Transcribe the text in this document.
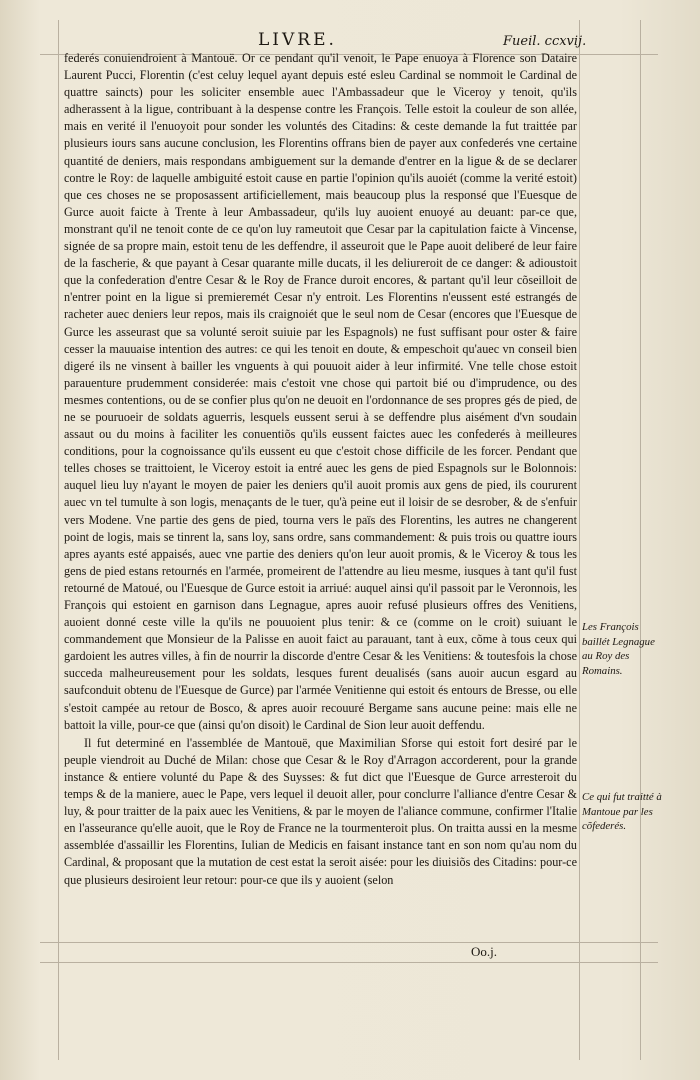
LIVRE.	Fueil. ccxvij.

federés conuiendroient à Mantouë. Or ce pendant qu'il venoit, le Pape enuoya à Florence son Dataire Laurent Pucci, Florentin (c'est celuy lequel ayant depuis esté esleu Cardinal se nommoit le Cardinal de quattre saincts) pour les soliciter ensemble auec l'Ambassadeur que le Viceroy y tenoit, qu'ils adherassent à la ligue, contribuant à la despense contre les François. Telle estoit la couleur de son allée, mais en verité il l'enuoyoit pour sonder les voluntés des Citadins: & ceste demande la fut traittée par plusieurs iours sans aucune conclusion, les Florentins offrans bien de payer aux confederés vne certaine quantité de deniers, mais respondans ambiguement sur la demande d'entrer en la ligue & de se declarer contre le Roy: de laquelle ambiguité estoit cause en partie l'opinion qu'ils auoiét (comme la verité estoit) que ces choses ne se proposassent artificiellement, mais beaucoup plus la responsé que l'Euesque de Gurce auoit faicte à Trente à leur Ambassadeur, qu'ils luy auoient enuoyé au deuant: par-ce que, monstrant qu'il ne tenoit conte de ce qu'on luy rameutoit que Cesar par la capitulation faicte à Vincense, signée de sa propre main, estoit tenu de les deffendre, il asseuroit que le Pape auoit deliberé de leur faire de la fascherie, & que payant à Cesar quarante mille ducats, il les deliureroit de ce danger: & adioustoit que la confederation d'entre Cesar & le Roy de France duroit encores, & partant qu'il leur cõseilloit de n'entrer point en la ligue si premieremét Cesar n'y entroit. Les Florentins n'eussent esté estrangés de racheter auec deniers leur repos, mais ils craignoiét que le seul nom de Cesar (encores que l'Euesque de Gurce les asseurast que sa volunté seroit suiuie par les Espagnols) ne fust suffisant pour oster & faire cesser la mauuaise intention des autres: ce qui les tenoit en doute, & empeschoit qu'auec vn conseil bien digeré ils ne vinsent à bailler les vnguents à qui pouuoit aider à leur infirmité. Vne telle chose estoit parauenture prudemment considerée: mais c'estoit vne chose qui partoit bié ou d'imprudence, ou des mesmes contentions, ou de se confier plus qu'on ne deuoit en l'ordonnance de ses propres gés de pied, de ne se pouruoeir de soldats aguerris, lesquels eussent serui à se deffendre plus aisément d'vn soudain assaut ou du moins à faciliter les conuentiõs qu'ils eussent faictes auec les confederés à meilleures conditions, pour la cognoissance qu'ils eussent eu que c'estoit chose difficile de les forcer. Pendant que telles choses se traittoient, le Viceroy estoit ia entré auec les gens de pied Espagnols sur le Bolonnois: auquel lieu luy n'ayant le moyen de paier les deniers qu'il auoit promis aux gens de pied, ils coururent auec vn tel tumulte à son logis, menaçants de le tuer, qu'à peine eut il loisir de se desrober, & de s'enfuir vers Modene. Vne partie des gens de pied, tourna vers le païs des Florentins, les autres ne changerent point de logis, mais se tinrent la, sans loy, sans ordre, sans commandement: & puis trois ou quattre iours apres ayants esté appaisés, auec vne partie des deniers qu'on leur auoit promis, & le Viceroy & tous les gens de pied estans retournés en l'armée, promeirent de l'attendre au lieu mesme, iusques à tant qu'il fust retourné de Matoué, ou l'Euesque de Gurce estoit ia arriué: auquel ainsi qu'il passoit par le Veronnois, les François qui estoient en garnison dans Legnague, apres auoir refusé plusieurs offres des Venitiens, auoient donné ceste ville la qu'ils ne pouuoient plus tenir: & ce (comme on le croit) suiuant le commandement que Monsieur de la Palisse en auoit faict au parauant, tant à eux, cõme à tous ceux qui gardoient les autres villes, à fin de nourrir la discorde d'entre Cesar & les Venitiens: & toutesfois la chose succeda malheureusement pour les soldats, lesques furent deualisés (sans auoir aucun esgard au saufconduit obtenu de l'Euesque de Gurce) par l'armée Venitienne qui estoit és entours de Bresse, ou elle s'estoit campée au retour de Bosco, & apres auoir recouuré Bergame sans aucune peine: mais elle ne battoit la ville, pour-ce que (ainsi qu'on disoit) le Cardinal de Sion leur auoit deffendu.

Il fut determiné en l'assemblée de Mantouë, que Maximilian Sforse qui estoit fort desiré par le peuple viendroit au Duché de Milan: chose que Cesar & le Roy d'Arragon accorderent, pour la grande instance & entiere volunté du Pape & des Suysses: & fut dict que l'Euesque de Gurce arresteroit du temps & de la maniere, auec le Pape, vers lequel il deuoit aller, pour conclurre l'alliance d'entre Cesar & luy, & pour traitter de la paix auec les Venitiens, & par le moyen de l'aliance commune, confirmer l'Italie en l'asseurance qu'elle auoit, que le Roy de France ne la tourmenteroit plus. On traitta aussi en la mesme assemblée d'assaillir les Florentins, Iulian de Medicis en faisant instance tant en son nom qu'au nom du Cardinal, & proposant que la mutation de cest estat la seroit aisée: pour les diuisiõs des Citadins: pour-ce que plusieurs desiroient leur retour: pour-ce que ils y auoient (selon

Les François baillét Legnague au Roy des Romains.
Ce qui fut traitté à Mantoue par les cõfederés.
Oo.j.
